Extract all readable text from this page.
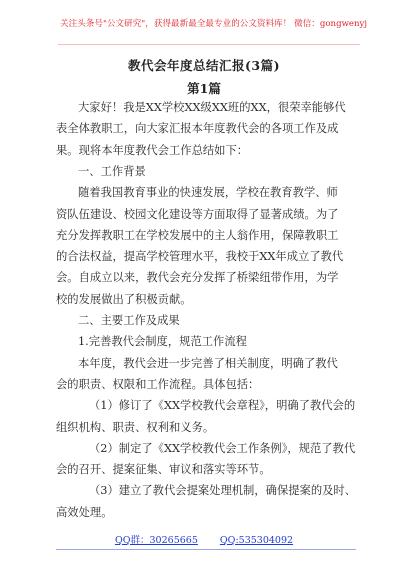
关注头条号"公文研究"，获得最新最全最专业的公文资料库！ 微信：gongwenyj
教代会年度总结汇报(3篇)
第1篇
大家好！我是XX学校XX级XX班的XX，很荣幸能够代
表全体教职工，向大家汇报本年度教代会的各项工作及成
果。现将本年度教代会工作总结如下：
一、工作背景
随着我国教育事业的快速发展，学校在教育教学、师
资队伍建设、校园文化建设等方面取得了显著成绩。为了
充分发挥教职工在学校发展中的主人翁作用，保障教职工
的合法权益，提高学校管理水平，我校于XX年成立了教代
会。自成立以来，教代会充分发挥了桥梁纽带作用，为学
校的发展做出了积极贡献。
二、主要工作及成果
1.完善教代会制度，规范工作流程
本年度，教代会进一步完善了相关制度，明确了教代
会的职责、权限和工作流程。具体包括：
（1）修订了《XX学校教代会章程》，明确了教代会的
组织机构、职责、权利和义务。
（2）制定了《XX学校教代会工作条例》，规范了教代
会的召开、提案征集、审议和落实等环节。
QQ群：30265665 QQ:535304092
（3）建立了教代会提案处理机制，确保提案的及时、
高效处理。
